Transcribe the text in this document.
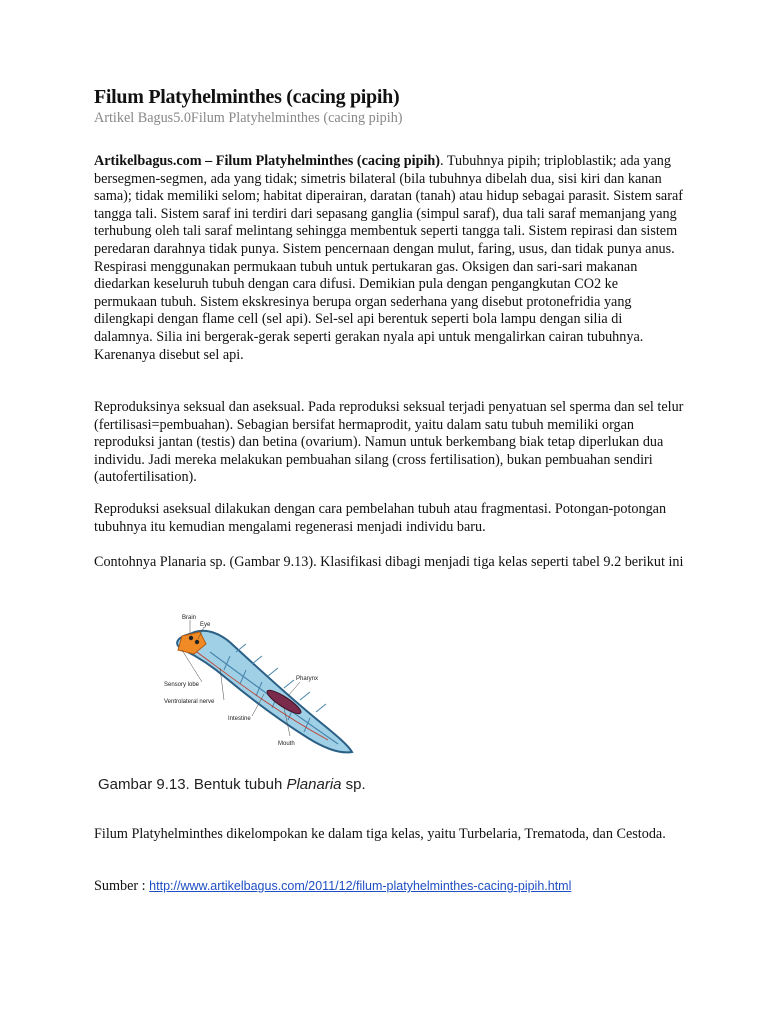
Filum Platyhelminthes (cacing pipih)

Artikel Bagus5.0Filum Platyhelminthes (cacing pipih)

Artikelbagus.com – Filum Platyhelminthes (cacing pipih). Tubuhnya pipih; triploblastik; ada yang bersegmen-segmen, ada yang tidak; simetris bilateral (bila tubuhnya dibelah dua, sisi kiri dan kanan sama); tidak memiliki selom; habitat diperairan, daratan (tanah) atau hidup sebagai parasit. Sistem saraf tangga tali. Sistem saraf ini terdiri dari sepasang ganglia (simpul saraf), dua tali saraf memanjang yang terhubung oleh tali saraf melintang sehingga membentuk seperti tangga tali. Sistem repirasi dan sistem peredaran darahnya tidak punya. Sistem pencernaan dengan mulut, faring, usus, dan tidak punya anus. Respirasi menggunakan permukaan tubuh untuk pertukaran gas. Oksigen dan sari-sari makanan diedarkan keseluruh tubuh dengan cara difusi. Demikian pula dengan pengangkutan CO2 ke permukaan tubuh. Sistem ekskresinya berupa organ sederhana yang disebut protonefridia yang dilengkapi dengan flame cell (sel api). Sel-sel api berentuk seperti bola lampu dengan silia di dalamnya. Silia ini bergerak-gerak seperti gerakan nyala api untuk mengalirkan cairan tubuhnya. Karenanya disebut sel api.

Reproduksinya seksual dan aseksual. Pada reproduksi seksual terjadi penyatuan sel sperma dan sel telur (fertilisasi=pembuahan). Sebagian bersifat hermaprodit, yaitu dalam satu tubuh memiliki organ reproduksi jantan (testis) dan betina (ovarium). Namun untuk berkembang biak tetap diperlukan dua individu. Jadi mereka melakukan pembuahan silang (cross fertilisation), bukan pembuahan sendiri (autofertilisation).

Reproduksi aseksual dilakukan dengan cara pembelahan tubuh atau fragmentasi. Potongan-potongan tubuhnya itu kemudian mengalami regenerasi menjadi individu baru.

Contohnya Planaria sp. (Gambar 9.13). Klasifikasi dibagi menjadi tiga kelas seperti tabel 9.2 berikut ini

Brain
Eye
Pharynx
Sensory lobe
Ventrolateral nerve
Intestine
Mouth

Gambar 9.13. Bentuk tubuh Planaria sp.

Filum Platyhelminthes dikelompokan ke dalam tiga kelas, yaitu Turbelaria, Trematoda, dan Cestoda.

Sumber : http://www.artikelbagus.com/2011/12/filum-platyhelminthes-cacing-pipih.html
